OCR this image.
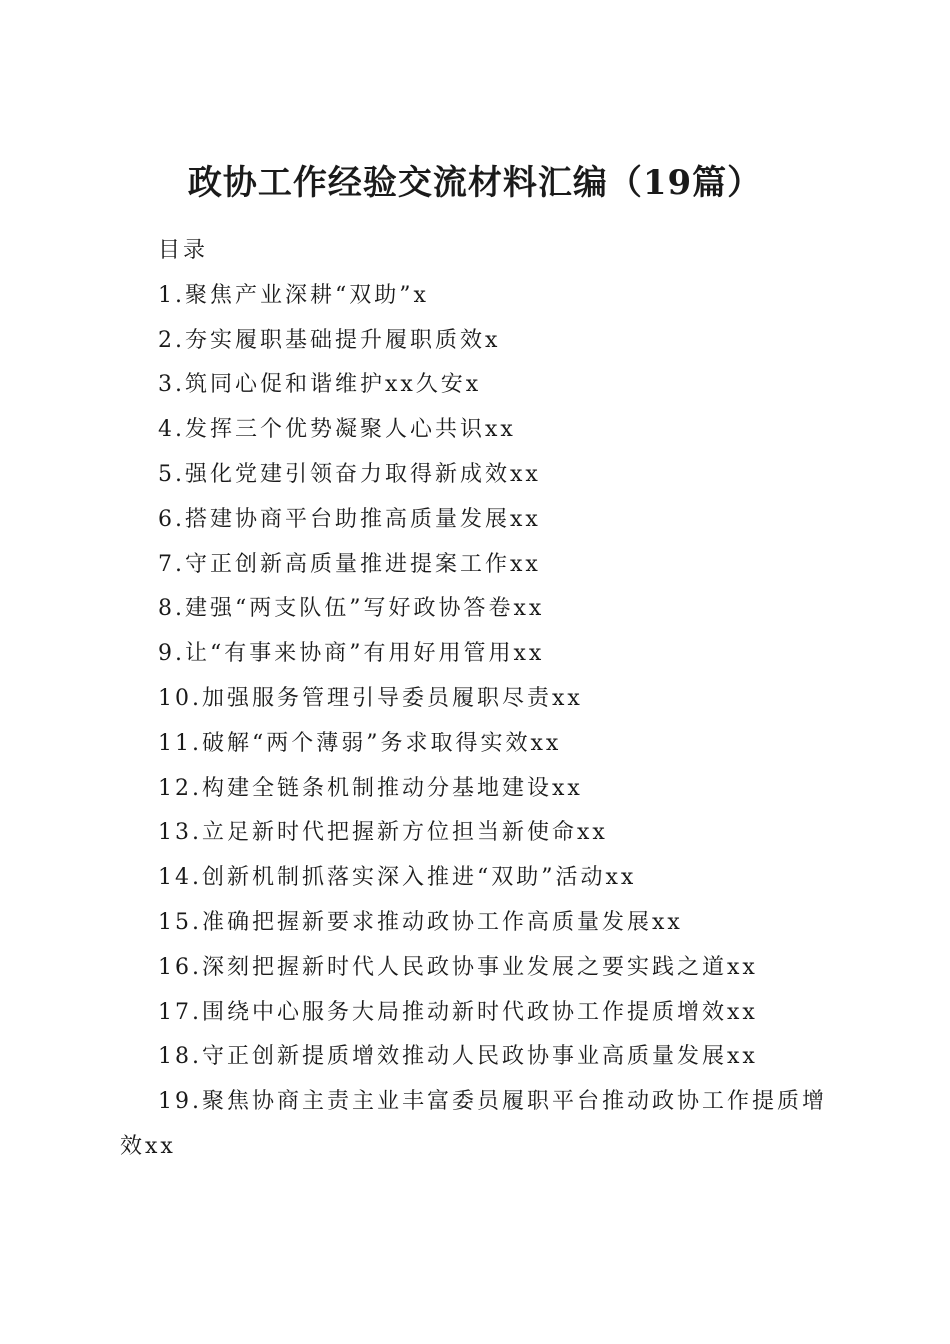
政协工作经验交流材料汇编（19篇）
目录
1.聚焦产业深耕“双助”x
2.夯实履职基础提升履职质效x
3.筑同心促和谐维护xx久安x
4.发挥三个优势凝聚人心共识xx
5.强化党建引领奋力取得新成效xx
6.搭建协商平台助推高质量发展xx
7.守正创新高质量推进提案工作xx
8.建强“两支队伍”写好政协答卷xx
9.让“有事来协商”有用好用管用xx
10.加强服务管理引导委员履职尽责xx
11.破解“两个薄弱”务求取得实效xx
12.构建全链条机制推动分基地建设xx
13.立足新时代把握新方位担当新使命xx
14.创新机制抓落实深入推进“双助”活动xx
15.准确把握新要求推动政协工作高质量发展xx
16.深刻把握新时代人民政协事业发展之要实践之道xx
17.围绕中心服务大局推动新时代政协工作提质增效xx
18.守正创新提质增效推动人民政协事业高质量发展xx
19.聚焦协商主责主业丰富委员履职平台推动政协工作提质增效xx
